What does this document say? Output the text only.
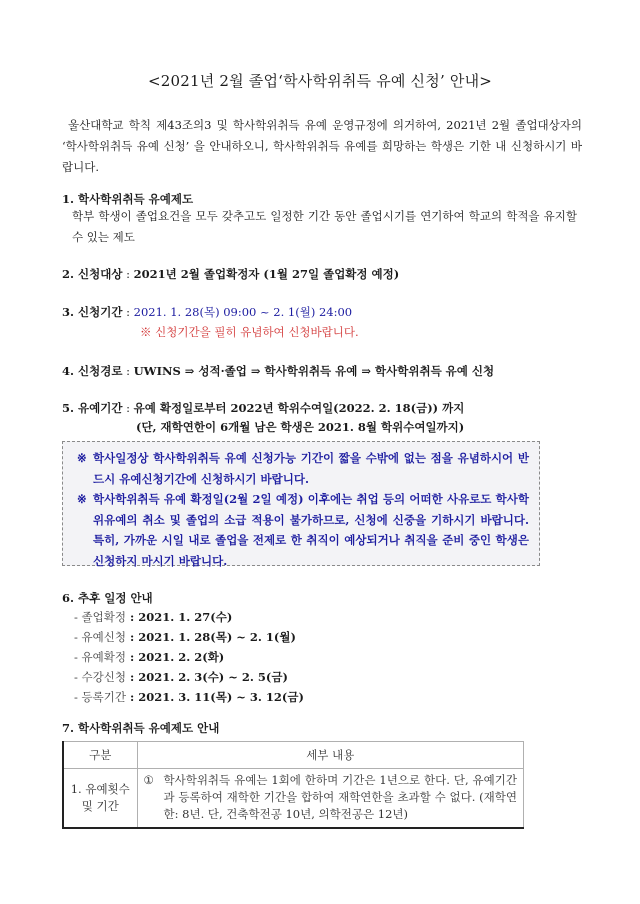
<2021년 2월 졸업‘학사학위취득 유예 신청’ 안내>
울산대학교 학칙 제43조의3 및 학사학위취득 유예 운영규정에 의거하여, 2021년 2월 졸업대상자의 ‘학사학위취득 유예 신청’ 을 안내하오니, 학사학위취득 유예를 희망하는 학생은 기한 내 신청하시기 바랍니다.
1. 학사학위취득 유예제도
학부 학생이 졸업요건을 모두 갖추고도 일정한 기간 동안 졸업시기를 연기하여 학교의 학적을 유지할 수 있는 제도
2. 신청대상 : 2021년 2월 졸업확정자 (1월 27일 졸업확정 예정)
3. 신청기간 : 2021. 1. 28(목) 09:00 ~ 2. 1(월) 24:00
※ 신청기간을 필히 유념하여 신청바랍니다.
4. 신청경로 : UWINS ⇒ 성적·졸업 ⇒ 학사학위취득 유예 ⇒ 학사학위취득 유예 신청
5. 유예기간 : 유예 확정일로부터 2022년 학위수여일(2022. 2. 18(금)) 까지
(단, 재학연한이 6개월 남은 학생은 2021. 8월 학위수여일까지)
※ 학사일정상 학사학위취득 유예 신청가능 기간이 짧을 수밖에 없는 점을 유념하시어 반드시 유예신청기간에 신청하시기 바랍니다.
※ 학사학위취득 유예 확정일(2월 2일 예정) 이후에는 취업 등의 어떠한 사유로도 학사학위유예의 취소 및 졸업의 소급 적용이 불가하므로, 신청에 신중을 기하시기 바랍니다. 특히, 가까운 시일 내로 졸업을 전제로 한 취직이 예상되거나 취직을 준비 중인 학생은 신청하지 마시기 바랍니다.
6. 추후 일정 안내
- 졸업확정 : 2021. 1. 27(수)
- 유예신청 : 2021. 1. 28(목) ~ 2. 1(월)
- 유예확정 : 2021. 2. 2(화)
- 수강신청 : 2021. 2. 3(수) ~ 2. 5(금)
- 등록기간 : 2021. 3. 11(목) ~ 3. 12(금)
7. 학사학위취득 유예제도 안내
구분	세부 내용
1. 유예횟수 및 기간	① 학사학위취득 유예는 1회에 한하며 기간은 1년으로 한다. 단, 유예기간과 등록하여 재학한 기간을 합하여 재학연한을 초과할 수 없다. (재학연한: 8년. 단, 건축학전공 10년, 의학전공은 12년)
